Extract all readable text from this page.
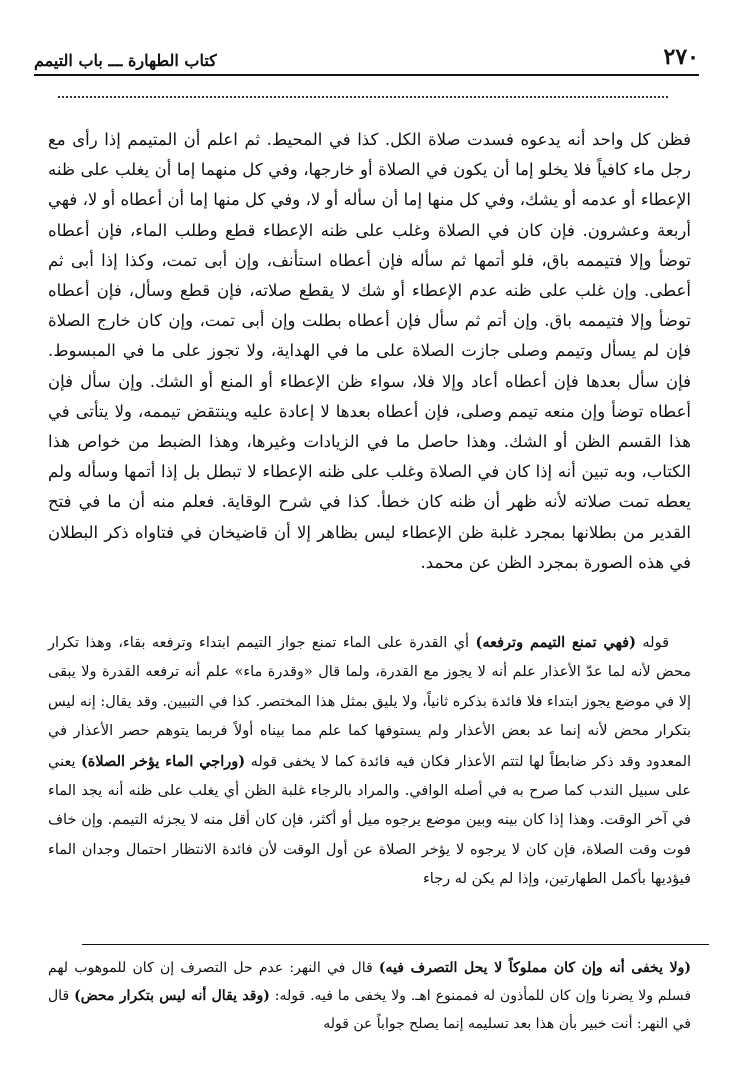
٢٧٠
كتاب الطهارة ـــ باب التيمم
فظن كل واحد أنه يدعوه فسدت صلاة الكل. كذا في المحيط. ثم اعلم أن المتيمم إذا رأى مع رجل ماء كافياً فلا يخلو إما أن يكون في الصلاة أو خارجها، وفي كل منهما إما أن يغلب على ظنه الإعطاء أو عدمه أو يشك، وفي كل منها إما أن سأله أو لا، وفي كل منها إما أن أعطاه أو لا، فهي أربعة وعشرون. فإن كان في الصلاة وغلب على ظنه الإعطاء قطع وطلب الماء، فإن أعطاه توضأ وإلا فتيممه باق، فلو أتمها ثم سأله فإن أعطاه استأنف، وإن أبى تمت، وكذا إذا أبى ثم أعطى. وإن غلب على ظنه عدم الإعطاء أو شك لا يقطع صلاته، فإن قطع وسأل، فإن أعطاه توضأ وإلا فتيممه باق. وإن أتم ثم سأل فإن أعطاه بطلت وإن أبى تمت، وإن كان خارج الصلاة فإن لم يسأل وتيمم وصلى جازت الصلاة على ما في الهداية، ولا تجوز على ما في المبسوط. فإن سأل بعدها فإن أعطاه أعاد وإلا فلا، سواء ظن الإعطاء أو المنع أو الشك. وإن سأل فإن أعطاه توضأ وإن منعه تيمم وصلى، فإن أعطاه بعدها لا إعادة عليه وينتقض تيممه، ولا يتأتى في هذا القسم الظن أو الشك. وهذا حاصل ما في الزيادات وغيرها، وهذا الضبط من خواص هذا الكتاب، وبه تبين أنه إذا كان في الصلاة وغلب على ظنه الإعطاء لا تبطل بل إذا أتمها وسأله ولم يعطه تمت صلاته لأنه ظهر أن ظنه كان خطأ. كذا في شرح الوقاية. فعلم منه أن ما في فتح القدير من بطلانها بمجرد غلبة ظن الإعطاء ليس بظاهر إلا أن قاضيخان في فتاواه ذكر البطلان في هذه الصورة بمجرد الظن عن محمد.
قوله (فهي تمنع التيمم وترفعه) أي القدرة على الماء تمنع جواز التيمم ابتداء وترفعه بقاء، وهذا تكرار محض لأنه لما عدّ الأعذار علم أنه لا يجوز مع القدرة، ولما قال «وقدرة ماء» علم أنه ترفعه القدرة ولا يبقى إلا في موضع يجوز ابتداء فلا فائدة بذكره ثانياً، ولا يليق بمثل هذا المختصر. كذا في التبيين. وقد يقال: إنه ليس بتكرار محض لأنه إنما عد بعض الأعذار ولم يستوفها كما علم مما بيناه أولاً فربما يتوهم حصر الأعذار في المعدود وقد ذكر ضابطاً لها لتتم الأعذار فكان فيه فائدة كما لا يخفى قوله (وراجي الماء يؤخر الصلاة) يعني على سبيل الندب كما صرح به في أصله الوافي. والمراد بالرجاء غلبة الظن أي يغلب على ظنه أنه يجد الماء في آخر الوقت. وهذا إذا كان بينه وبين موضع يرجوه ميل أو أكثر، فإن كان أقل منه لا يجزئه التيمم. وإن خاف فوت وقت الصلاة، فإن كان لا يرجوه لا يؤخر الصلاة عن أول الوقت لأن فائدة الانتظار احتمال وجدان الماء فيؤديها بأكمل الطهارتين، وإذا لم يكن له رجاء
(ولا يخفى أنه وإن كان مملوكاً لا يحل التصرف فيه) قال في النهر: عدم حل التصرف إن كان للموهوب لهم فسلم ولا يضرنا وإن كان للمأذون له فممنوع اهـ. ولا يخفى ما فيه. قوله: (وقد يقال أنه ليس بتكرار محض) قال في النهر: أنت خبير بأن هذا بعد تسليمه إنما يصلح جواباً عن قوله
